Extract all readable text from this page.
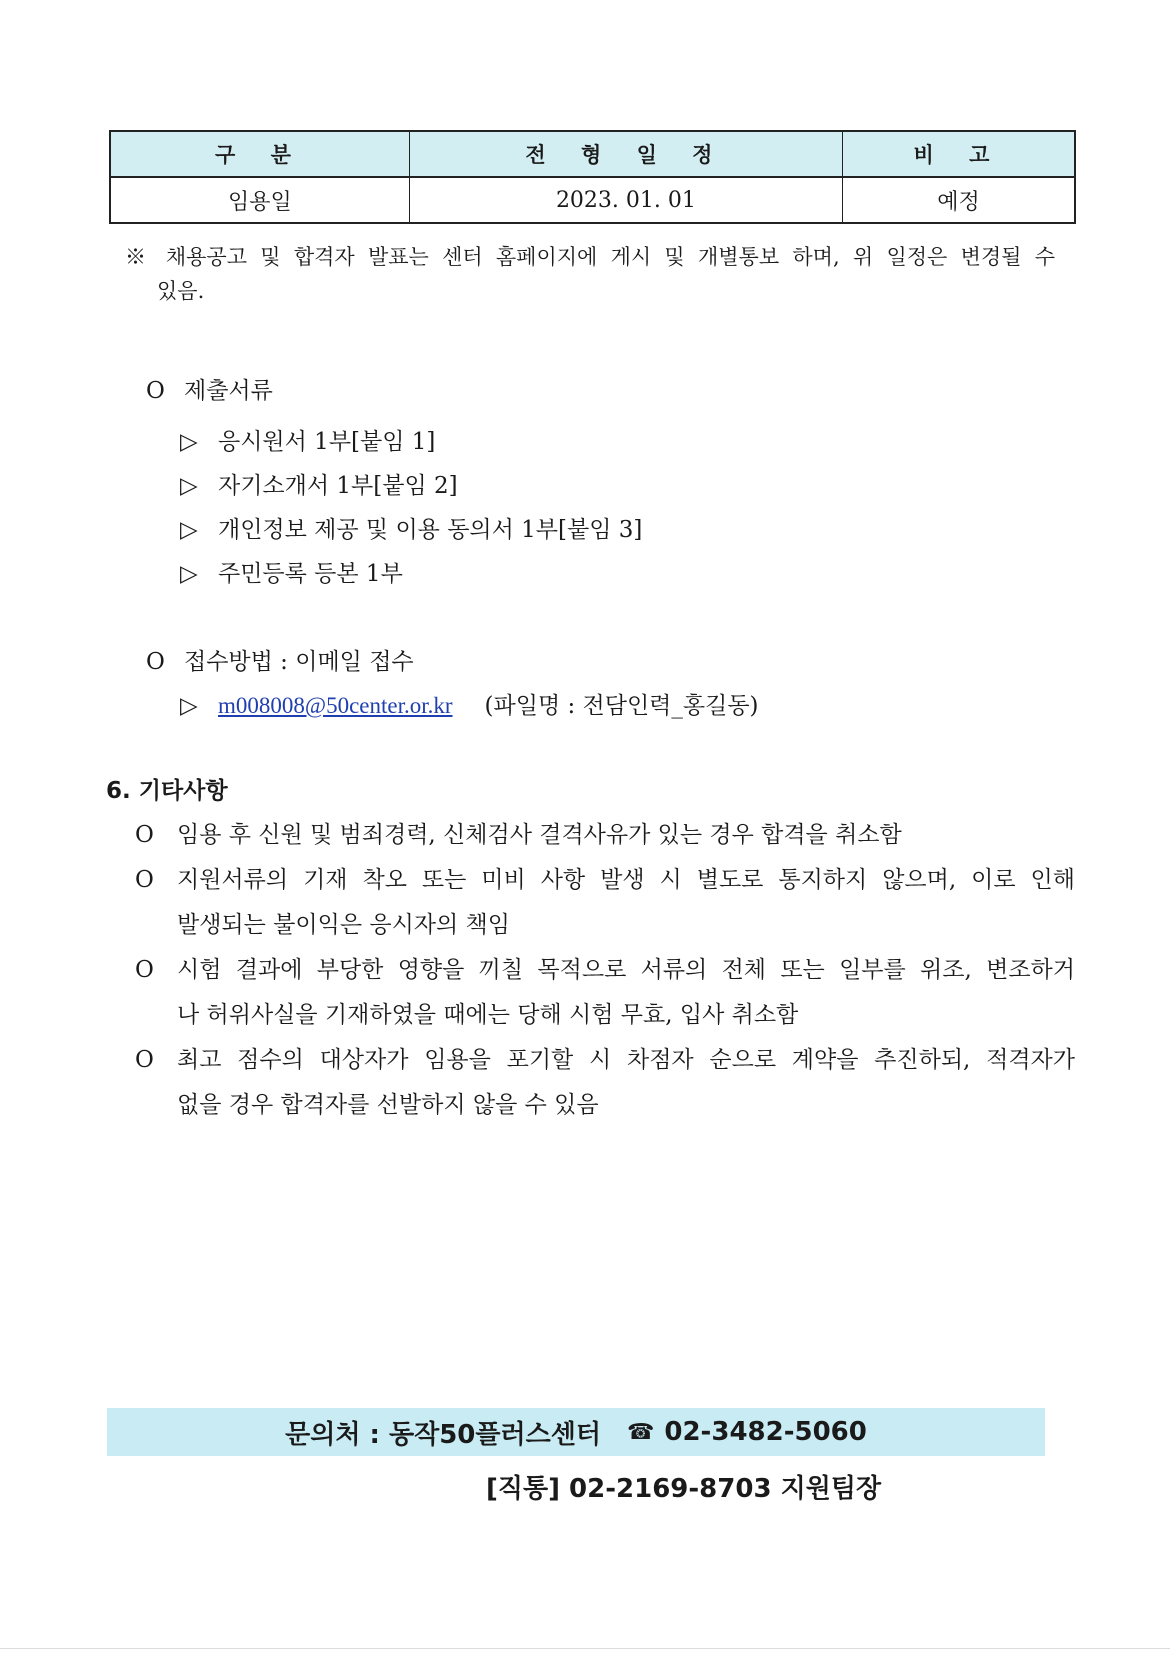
구 분	전 형 일 정	비 고
임용일	2023. 01. 01	예정
※ 채용공고 및 합격자 발표는 센터 홈페이지에 게시 및 개별통보 하며, 위 일정은 변경될 수
있음.
O 제출서류
▷ 응시원서 1부[붙임 1]
▷ 자기소개서 1부[붙임 2]
▷ 개인정보 제공 및 이용 동의서 1부[붙임 3]
▷ 주민등록 등본 1부
O 접수방법 : 이메일 접수
▷ m008008@50center.or.kr (파일명 : 전담인력_홍길동)
6. 기타사항
O	임용 후 신원 및 범죄경력, 신체검사 결격사유가 있는 경우 합격을 취소함
O	지원서류의 기재 착오 또는 미비 사항 발생 시 별도로 통지하지 않으며, 이로 인해
발생되는 불이익은 응시자의 책임
O	시험 결과에 부당한 영향을 끼칠 목적으로 서류의 전체 또는 일부를 위조, 변조하거
나 허위사실을 기재하였을 때에는 당해 시험 무효, 입사 취소함
O	최고 점수의 대상자가 임용을 포기할 시 차점자 순으로 계약을 추진하되, 적격자가
없을 경우 합격자를 선발하지 않을 수 있음
문의처 : 동작50플러스센터 ☎ 02-3482-5060
[직통] 02-2169-8703 지원팀장
